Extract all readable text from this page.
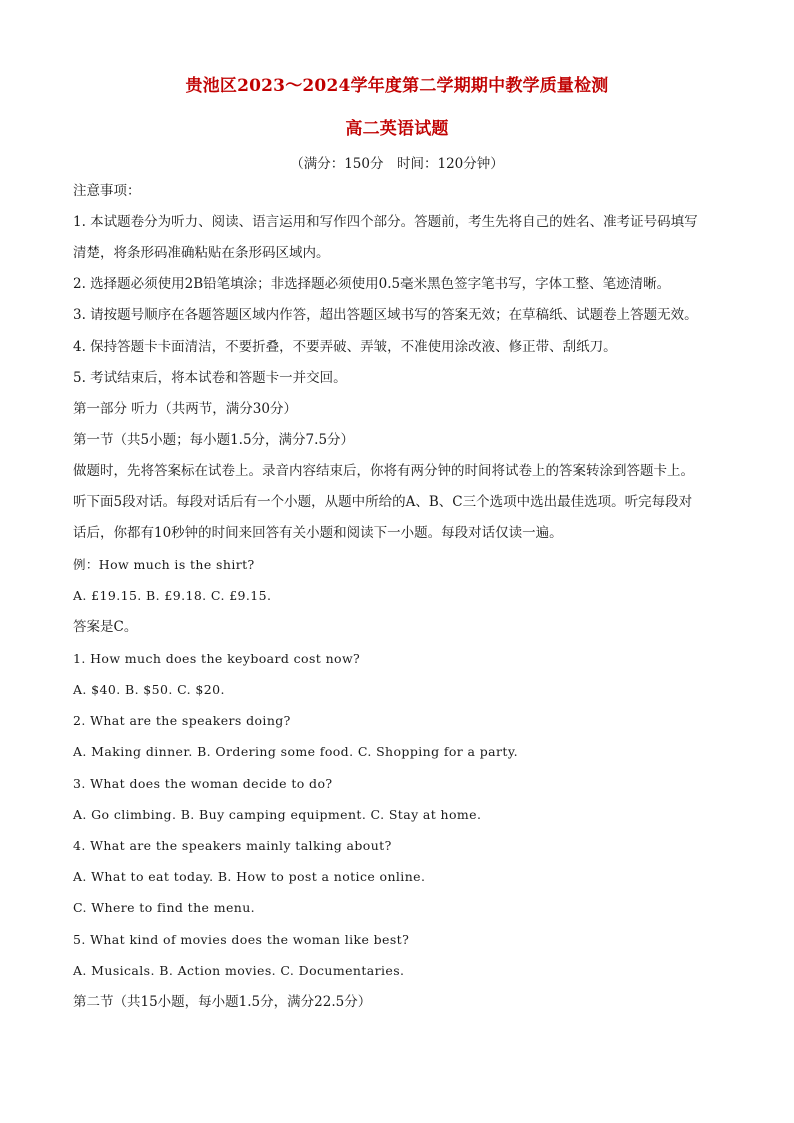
贵池区2023～2024学年度第二学期期中教学质量检测
高二英语试题
（满分：150分　时间：120分钟）
注意事项：
1. 本试题卷分为听力、阅读、语言运用和写作四个部分。答题前，考生先将自己的姓名、准考证号码填写
清楚，将条形码准确粘贴在条形码区域内。
2. 选择题必须使用2B铅笔填涂；非选择题必须使用0.5毫米黑色签字笔书写，字体工整、笔迹清晰。
3. 请按题号顺序在各题答题区域内作答，超出答题区域书写的答案无效；在草稿纸、试题卷上答题无效。
4. 保持答题卡卡面清洁，不要折叠，不要弄破、弄皱，不准使用涂改液、修正带、刮纸刀。
5. 考试结束后，将本试卷和答题卡一并交回。
第一部分 听力（共两节，满分30分）
第一节（共5小题；每小题1.5分，满分7.5分）
做题时，先将答案标在试卷上。录音内容结束后，你将有两分钟的时间将试卷上的答案转涂到答题卡上。
听下面5段对话。每段对话后有一个小题，从题中所给的A、B、C三个选项中选出最佳选项。听完每段对
话后，你都有10秒钟的时间来回答有关小题和阅读下一小题。每段对话仅读一遍。
例：How much is the shirt?
A. £19.15. B. £9.18. C. £9.15.
答案是C。
1. How much does the keyboard cost now?
A. $40. B. $50. C. $20.
2. What are the speakers doing?
A. Making dinner. B. Ordering some food. C. Shopping for a party.
3. What does the woman decide to do?
A. Go climbing. B. Buy camping equipment. C. Stay at home.
4. What are the speakers mainly talking about?
A. What to eat today. B. How to post a notice online.
C. Where to find the menu.
5. What kind of movies does the woman like best?
A. Musicals. B. Action movies. C. Documentaries.
第二节（共15小题，每小题1.5分，满分22.5分）
